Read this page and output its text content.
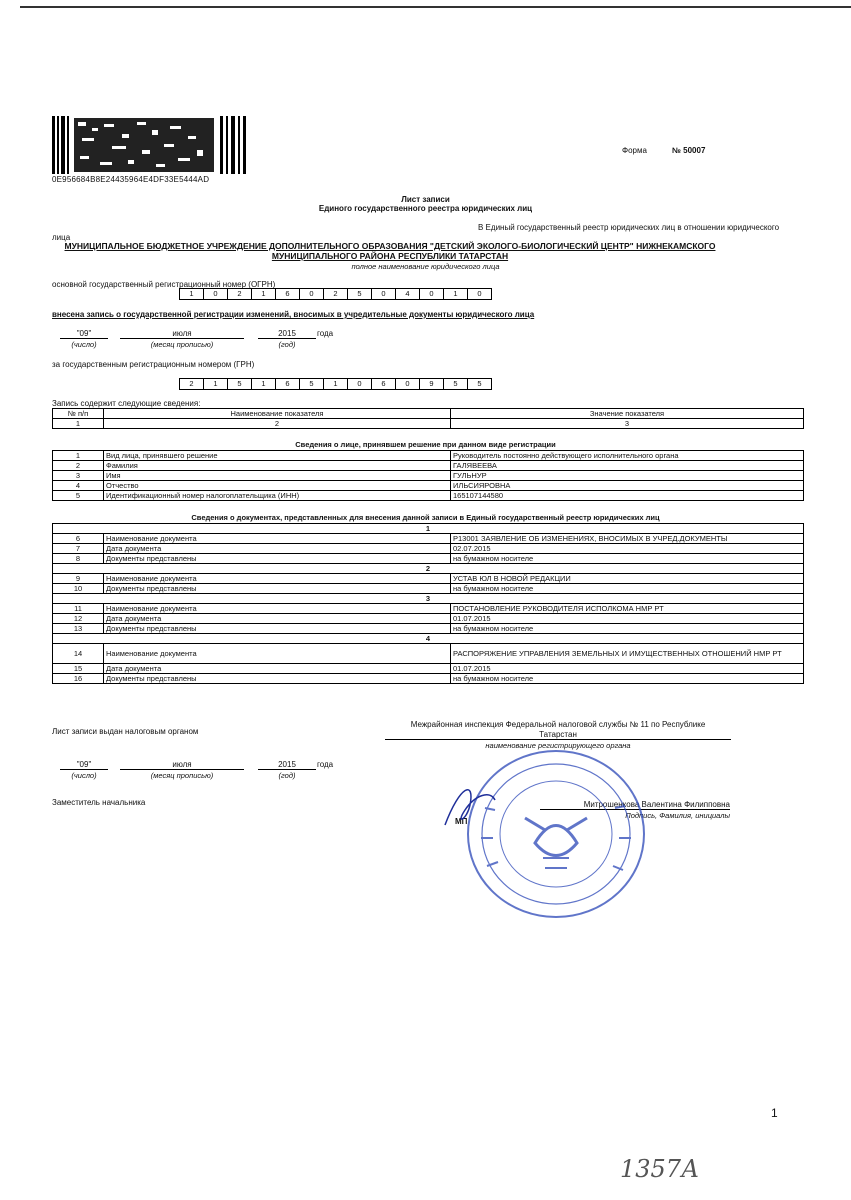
0E956684B8E24435964E4DF33E5444AD
Форма	№ 50007
Лист записи
Единого государственного реестра юридических лиц
В Единый государственный реестр юридических лиц в отношении юридического
лица
МУНИЦИПАЛЬНОЕ БЮДЖЕТНОЕ УЧРЕЖДЕНИЕ ДОПОЛНИТЕЛЬНОГО ОБРАЗОВАНИЯ "ДЕТСКИЙ ЭКОЛОГО-БИОЛОГИЧЕСКИЙ ЦЕНТР" НИЖНЕКАМСКОГО
МУНИЦИПАЛЬНОГО РАЙОНА РЕСПУБЛИКИ ТАТАРСТАН
полное наименование юридического лица
основной государственный регистрационный номер (ОГРН)
1	0	2	1	6	0	2	5	0	4	0	1	0
внесена запись о государственной регистрации изменений, вносимых в учредительные документы юридического лица
"09"	июля	2015	года
(число)	(месяц прописью)	(год)
за государственным регистрационным номером (ГРН)
2	1	5	1	6	5	1	0	6	0	9	5	5
Запись содержит следующие сведения:
№ п/п	Наименование показателя	Значение показателя
1	2	3
Сведения о лице, принявшем решение при данном виде регистрации
1	Вид лица, принявшего решение	Руководитель постоянно действующего исполнительного органа
2	Фамилия	ГАЛЯВЕЕВА
3	Имя	ГУЛЬНУР
4	Отчество	ИЛЬСИЯРОВНА
5	Идентификационный номер налогоплательщика (ИНН)	165107144580
Сведения о документах, представленных для внесения данной записи в Единый государственный реестр юридических лиц
1		
6	Наименование документа	Р13001 ЗАЯВЛЕНИЕ ОБ ИЗМЕНЕНИЯХ, ВНОСИМЫХ В УЧРЕД.ДОКУМЕНТЫ
7	Дата документа	02.07.2015
8	Документы представлены	на бумажном носителе
2		
9	Наименование документа	УСТАВ ЮЛ В НОВОЙ РЕДАКЦИИ
10	Документы представлены	на бумажном носителе
3		
11	Наименование документа	ПОСТАНОВЛЕНИЕ РУКОВОДИТЕЛЯ ИСПОЛКОМА НМР РТ
12	Дата документа	01.07.2015
13	Документы представлены	на бумажном носителе
4		
14	Наименование документа	РАСПОРЯЖЕНИЕ УПРАВЛЕНИЯ ЗЕМЕЛЬНЫХ И ИМУЩЕСТВЕННЫХ ОТНОШЕНИЙ НМР РТ
15	Дата документа	01.07.2015
16	Документы представлены	на бумажном носителе
Лист записи выдан налоговым органом
Межрайонная инспекция Федеральной налоговой службы № 11 по Республике
Татарстан
наименование регистрирующего органа
"09"	июля	2015	года
(число)	(месяц прописью)	(год)
Заместитель начальника
МП
Митрошенкова Валентина Филипповна
Подпись, Фамилия, инициалы
1
1357А
